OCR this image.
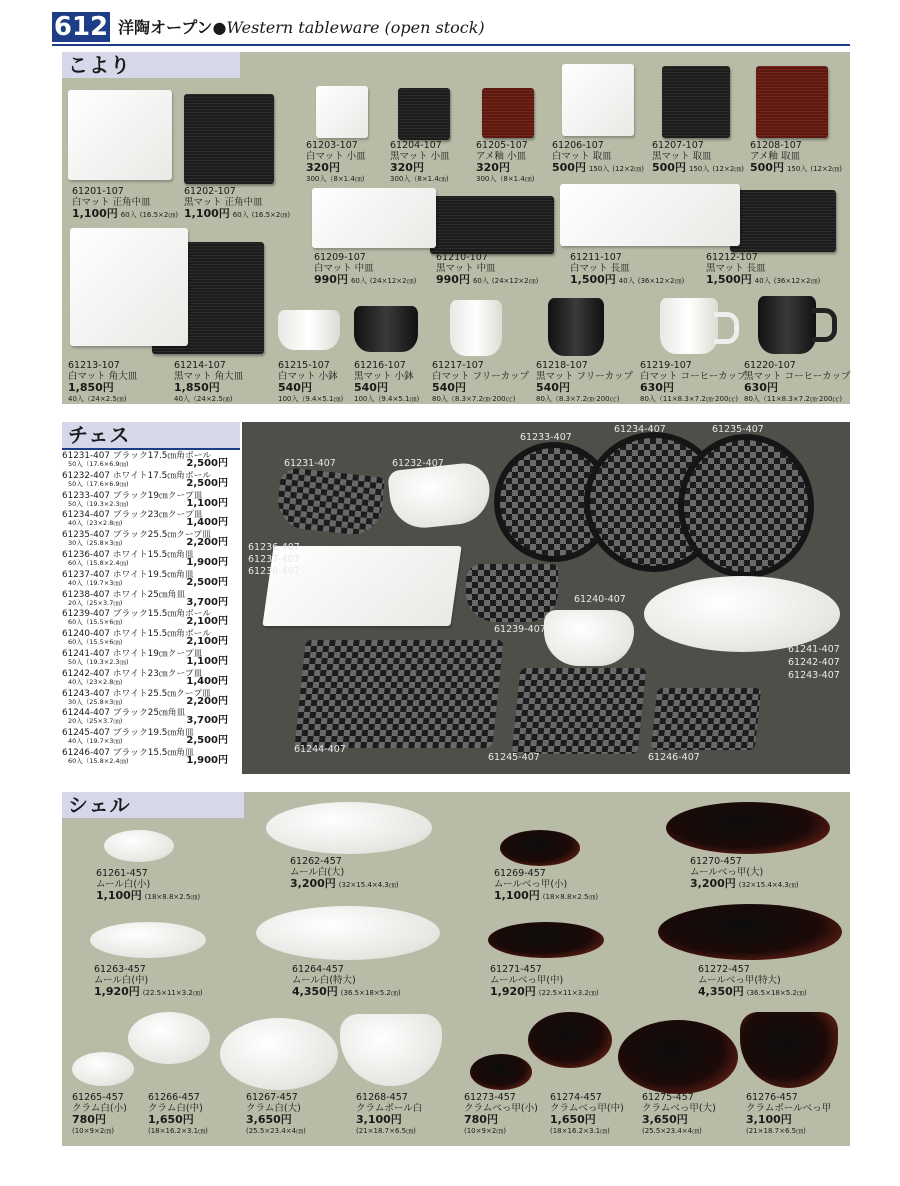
612 洋陶オープン●Western tableware (open stock)
こより
61201-107
白マット 正角中皿
1,100円 60入 (16.5×2㎝)
61202-107
黒マット 正角中皿
1,100円 60入 (16.5×2㎝)
61203-107
白マット 小皿
320円
300入（8×1.4㎝)
61204-107
黒マット 小皿
320円
300入（8×1.4㎝)
61205-107
アメ釉 小皿
320円
300入（8×1.4㎝)
61206-107
白マット 取皿
500円 150入 (12×2㎝)
61207-107
黒マット 取皿
500円 150入 (12×2㎝)
61208-107
アメ釉 取皿
500円 150入 (12×2㎝)
61209-107
白マット 中皿
990円 60入 (24×12×2㎝)
61210-107
黒マット 中皿
990円 60入 (24×12×2㎝)
61211-107
白マット 長皿
1,500円 40入 (36×12×2㎝)
61212-107
黒マット 長皿
1,500円 40入 (36×12×2㎝)
61213-107
白マット 角大皿
1,850円
40入（24×2.5㎝)
61214-107
黒マット 角大皿
1,850円
40入（24×2.5㎝)
61215-107
白マット 小鉢
540円
100入（9.4×5.1㎝)
61216-107
黒マット 小鉢
540円
100入（9.4×5.1㎝)
61217-107
白マット フリーカップ
540円
80入（8.3×7.2㎝·200㏄)
61218-107
黒マット フリーカップ
540円
80入（8.3×7.2㎝·200㏄)
61219-107
白マット コーヒーカップ
630円
80入（11×8.3×7.2㎝·200㏄)
61220-107
黒マット コーヒーカップ
630円
80入（11×8.3×7.2㎝·200㏄)
チェス
61231-407 ブラック17.5㎝角ボール
50入（17.6×6.9㎝)	2,500円
61232-407 ホワイト17.5㎝角ボール
50入（17.6×6.9㎝)	2,500円
61233-407 ブラック19㎝クープ皿
50入（19.3×2.3㎝)	1,100円
61234-407 ブラック23㎝クープ皿
40入（23×2.8㎝)	1,400円
61235-407 ブラック25.5㎝クープ皿
30入（25.8×3㎝)	2,200円
61236-407 ホワイト15.5㎝角皿
60入（15.8×2.4㎝)	1,900円
61237-407 ホワイト19.5㎝角皿
40入（19.7×3㎝)	2,500円
61238-407 ホワイト25㎝角皿
20入（25×3.7㎝)	3,700円
61239-407 ブラック15.5㎝角ボール
60入（15.5×6㎝)	2,100円
61240-407 ホワイト15.5㎝角ボール
60入（15.5×6㎝)	2,100円
61241-407 ホワイト19㎝クープ皿
50入（19.3×2.3㎝)	1,100円
61242-407 ホワイト23㎝クープ皿
40入（23×2.8㎝)	1,400円
61243-407 ホワイト25.5㎝クープ皿
30入（25.8×3㎝)	2,200円
61244-407 ブラック25㎝角皿
20入（25×3.7㎝)	3,700円
61245-407 ブラック19.5㎝角皿
40入（19.7×3㎝)	2,500円
61246-407 ブラック15.5㎝角皿
60入（15.8×2.4㎝)	1,900円
61231-407	61232-407
61233-407
61234-407	61235-407
61236-407
61237-407
61238-407
61239-407
61240-407
61241-407
61242-407
61243-407
61244-407
61245-407	61246-407
シェル
61261-457
ムール白(小)
1,100円 (18×8.8×2.5㎝)
61262-457
ムール白(大)
3,200円 (32×15.4×4.3㎝)
61269-457
ムールべっ甲(小)
1,100円 (18×8.8×2.5㎝)
61270-457
ムールべっ甲(大)
3,200円 (32×15.4×4.3㎝)
61263-457
ムール白(中)
1,920円 (22.5×11×3.2㎝)
61264-457
ムール白(特大)
4,350円 (36.5×18×5.2㎝)
61271-457
ムールべっ甲(中)
1,920円 (22.5×11×3.2㎝)
61272-457
ムールべっ甲(特大)
4,350円 (36.5×18×5.2㎝)
61265-457
クラム白(小)
780円
(10×9×2㎝)
61266-457
クラム白(中)
1,650円
(18×16.2×3.1㎝)
61267-457
クラム白(大)
3,650円
(25.5×23.4×4㎝)
61268-457
クラムボール白
3,100円
(21×18.7×6.5㎝)
61273-457
クラムべっ甲(小)
780円
(10×9×2㎝)
61274-457
クラムべっ甲(中)
1,650円
(18×16.2×3.1㎝)
61275-457
クラムべっ甲(大)
3,650円
(25.5×23.4×4㎝)
61276-457
クラムボールべっ甲
3,100円
(21×18.7×6.5㎝)
